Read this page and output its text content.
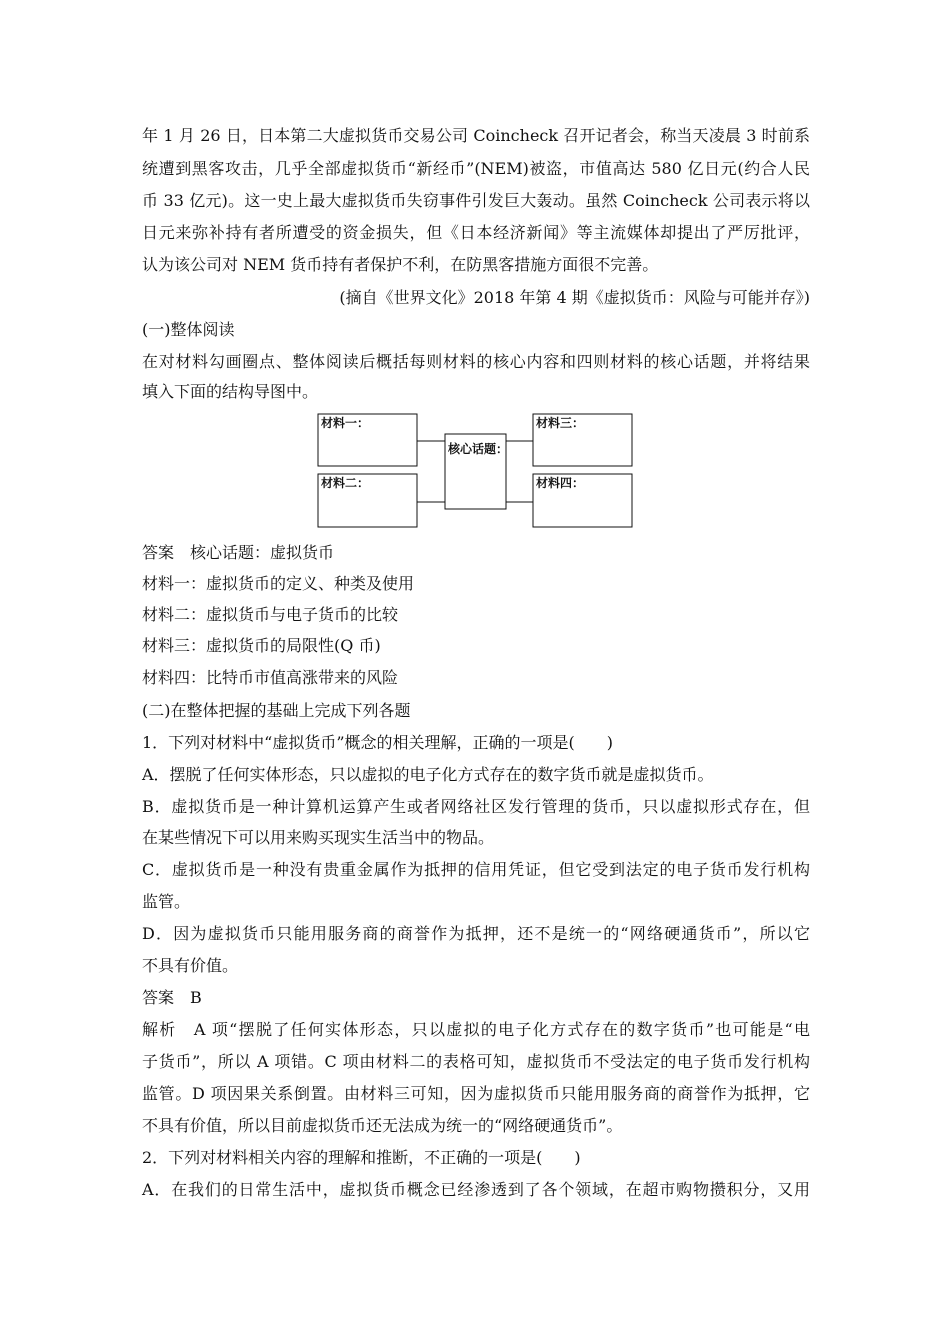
年 1 月 26 日，日本第二大虚拟货币交易公司 Coincheck 召开记者会，称当天凌晨 3 时前系
统遭到黑客攻击，几乎全部虚拟货币“新经币”(NEM)被盗，市值高达 580 亿日元(约合人民
币 33 亿元)。这一史上最大虚拟货币失窃事件引发巨大轰动。虽然 Coincheck 公司表示将以
日元来弥补持有者所遭受的资金损失，但《日本经济新闻》等主流媒体却提出了严厉批评，
认为该公司对 NEM 货币持有者保护不利，在防黑客措施方面很不完善。
(摘自《世界文化》2018 年第 4 期《虚拟货币：风险与可能并存》)
(一)整体阅读
在对材料勾画圈点、整体阅读后概括每则材料的核心内容和四则材料的核心话题，并将结果
填入下面的结构导图中。
材料一：
材料二：
核心话题：
材料三：
材料四：
答案　核心话题：虚拟货币
材料一：虚拟货币的定义、种类及使用
材料二：虚拟货币与电子货币的比较
材料三：虚拟货币的局限性(Q 币)
材料四：比特币市值高涨带来的风险
(二)在整体把握的基础上完成下列各题
1．下列对材料中“虚拟货币”概念的相关理解，正确的一项是(　　)
A．摆脱了任何实体形态，只以虚拟的电子化方式存在的数字货币就是虚拟货币。
B．虚拟货币是一种计算机运算产生或者网络社区发行管理的货币，只以虚拟形式存在，但
在某些情况下可以用来购买现实生活当中的物品。
C．虚拟货币是一种没有贵重金属作为抵押的信用凭证，但它受到法定的电子货币发行机构
监管。
D．因为虚拟货币只能用服务商的商誉作为抵押，还不是统一的“网络硬通货币”，所以它
不具有价值。
答案　B
解析　A 项“摆脱了任何实体形态，只以虚拟的电子化方式存在的数字货币”也可能是“电
子货币”，所以 A 项错。C 项由材料二的表格可知，虚拟货币不受法定的电子货币发行机构
监管。D 项因果关系倒置。由材料三可知，因为虚拟货币只能用服务商的商誉作为抵押，它
不具有价值，所以目前虚拟货币还无法成为统一的“网络硬通货币”。
2．下列对材料相关内容的理解和推断，不正确的一项是(　　)
A．在我们的日常生活中，虚拟货币概念已经渗透到了各个领域，在超市购物攒积分，又用
